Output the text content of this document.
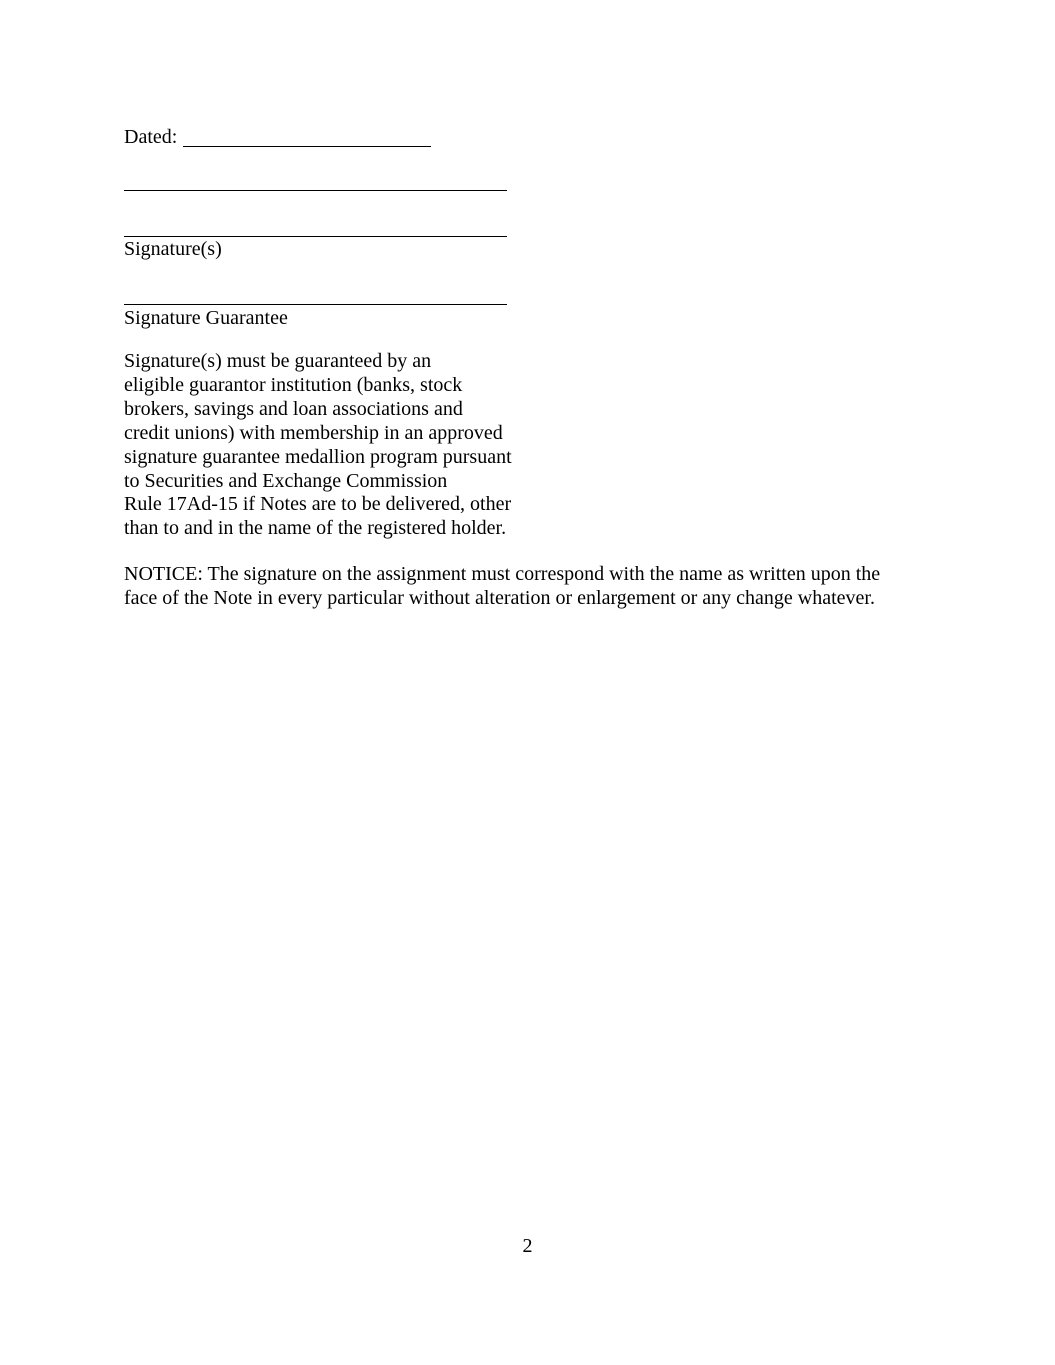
Dated:
Signature(s)
Signature Guarantee
Signature(s) must be guaranteed by an
eligible guarantor institution (banks, stock
brokers, savings and loan associations and
credit unions) with membership in an approved
signature guarantee medallion program pursuant
to Securities and Exchange Commission
Rule 17Ad-15 if Notes are to be delivered, other
than to and in the name of the registered holder.
NOTICE: The signature on the assignment must correspond with the name as written upon the
face of the Note in every particular without alteration or enlargement or any change whatever.
2
